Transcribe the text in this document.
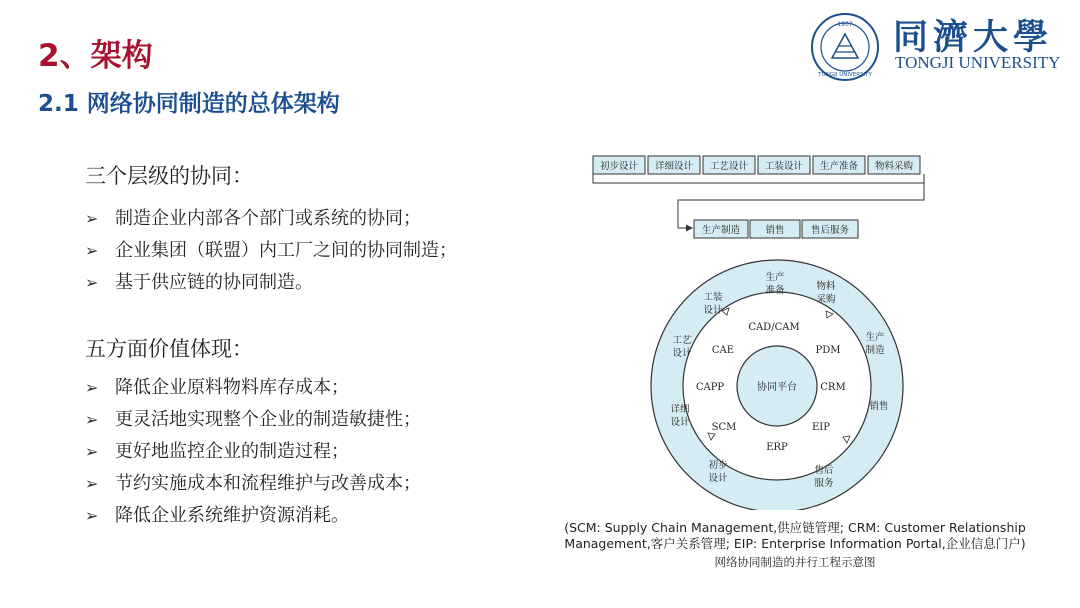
2、架构
2.1 网络协同制造的总体架构
1907
TONGJI UNIVERSITY
同濟大學
TONGJI UNIVERSITY
三个层级的协同：
➢ 制造企业内部各个部门或系统的协同；
➢ 企业集团（联盟）内工厂之间的协同制造；
➢ 基于供应链的协同制造。
五方面价值体现：
➢ 降低企业原料物料库存成本；
➢ 更灵活地实现整个企业的制造敏捷性；
➢ 更好地监控企业的制造过程；
➢ 节约实施成本和流程维护与改善成本；
➢ 降低企业系统维护资源消耗。
初步设计 详细设计 工艺设计 工装设计 生产准备 物料采购
生产制造	销售	售后服务
协同平台
CAD/CAM
PDM
CRM
EIP
ERP
SCM
CAPP
CAE
生产
准备	物料
采购
生产
制造
销售
售后
服务
初步
设计
详细
设计
工艺
设计
工装
设计
(SCM: Supply Chain Management,供应链管理; CRM: Customer Relationship Management,客户关系管理; EIP: Enterprise Information Portal,企业信息门户)
网络协同制造的并行工程示意图
